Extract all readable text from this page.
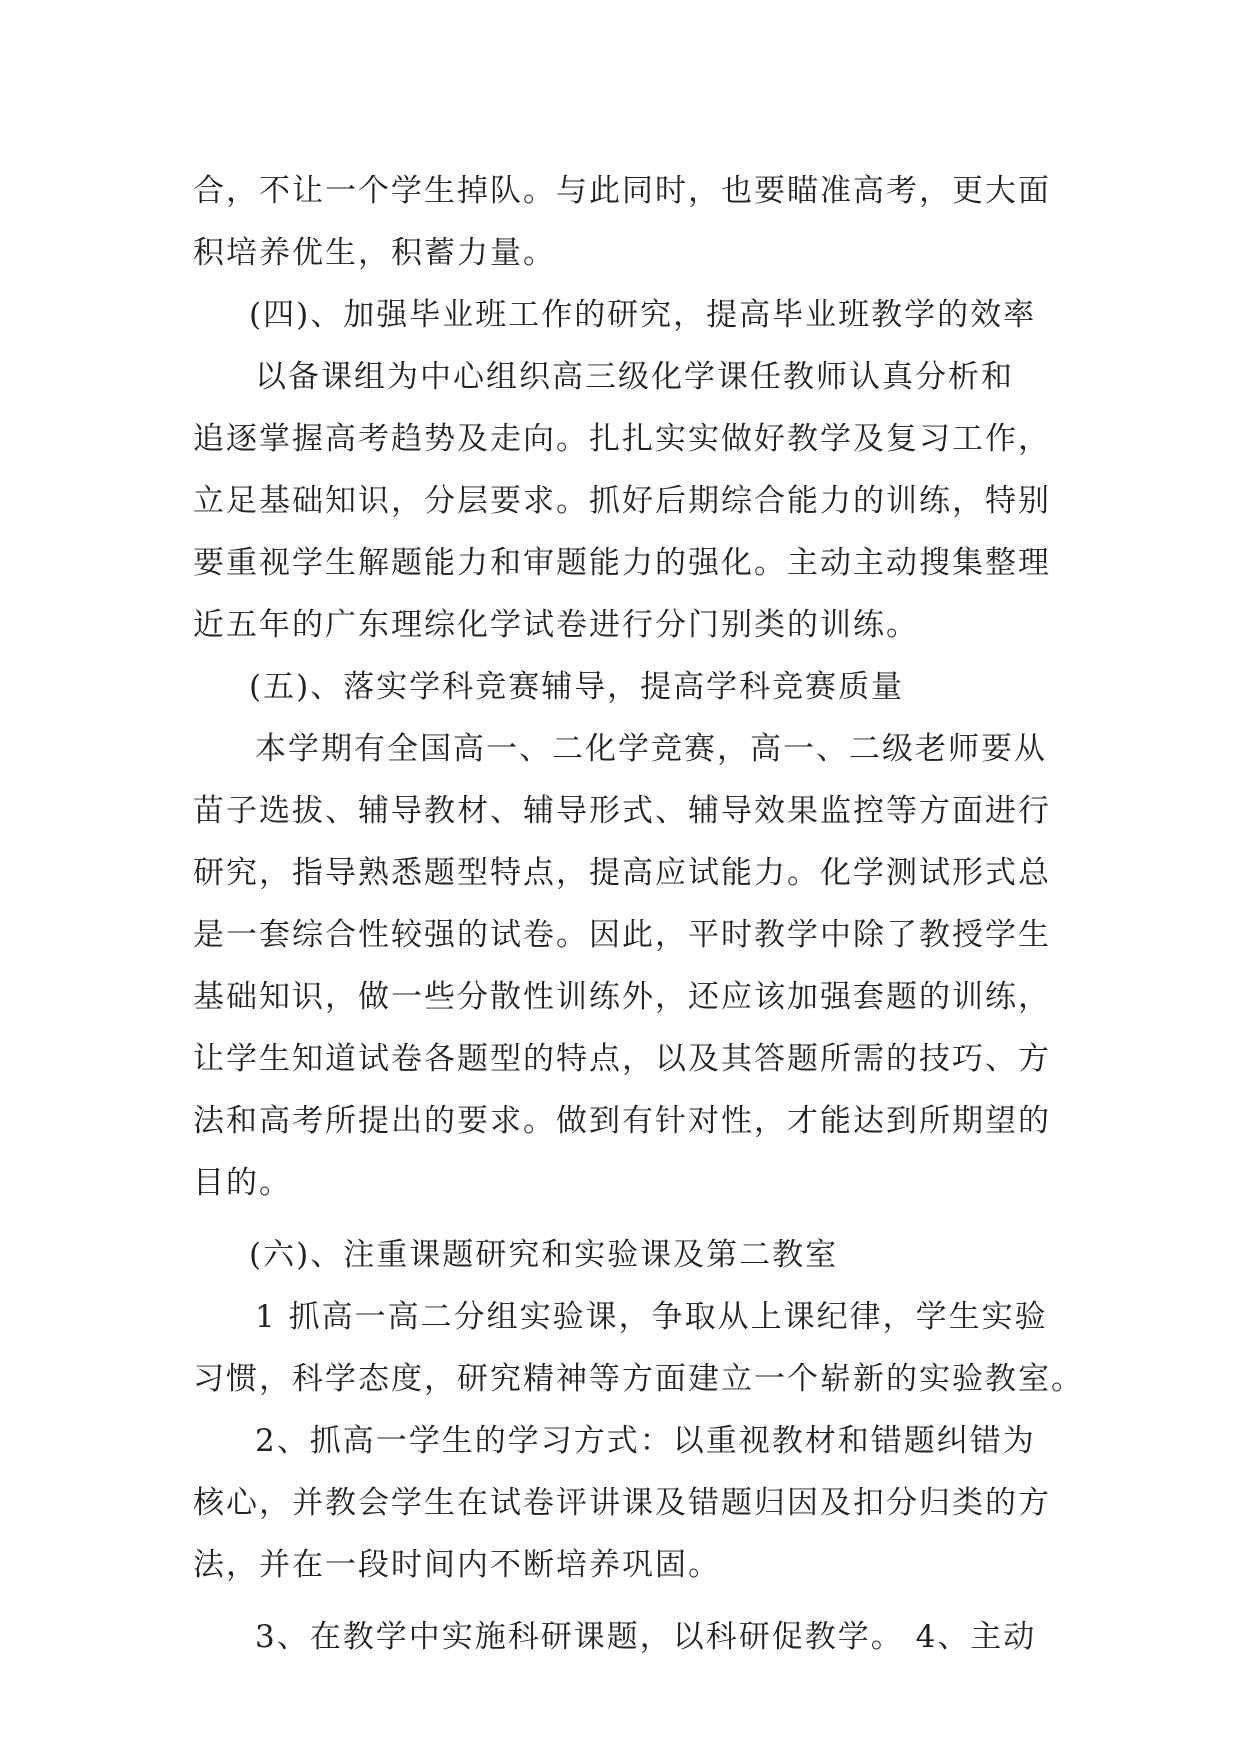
合，不让一个学生掉队。与此同时，也要瞄准高考，更大面
积培养优生，积蓄力量。
(四)、加强毕业班工作的研究，提高毕业班教学的效率
以备课组为中心组织高三级化学课任教师认真分析和
追逐掌握高考趋势及走向。扎扎实实做好教学及复习工作，
立足基础知识，分层要求。抓好后期综合能力的训练，特别
要重视学生解题能力和审题能力的强化。主动主动搜集整理
近五年的广东理综化学试卷进行分门别类的训练。
(五)、落实学科竞赛辅导，提高学科竞赛质量
本学期有全国高一、二化学竞赛，高一、二级老师要从
苗子选拔、辅导教材、辅导形式、辅导效果监控等方面进行
研究，指导熟悉题型特点，提高应试能力。化学测试形式总
是一套综合性较强的试卷。因此，平时教学中除了教授学生
基础知识，做一些分散性训练外，还应该加强套题的训练，
让学生知道试卷各题型的特点，以及其答题所需的技巧、方
法和高考所提出的要求。做到有针对性，才能达到所期望的
目的。
(六)、注重课题研究和实验课及第二教室
1 抓高一高二分组实验课，争取从上课纪律，学生实验
习惯，科学态度，研究精神等方面建立一个崭新的实验教室。
2、抓高一学生的学习方式：以重视教材和错题纠错为
核心，并教会学生在试卷评讲课及错题归因及扣分归类的方
法，并在一段时间内不断培养巩固。
3、在教学中实施科研课题，以科研促教学。 4、主动
